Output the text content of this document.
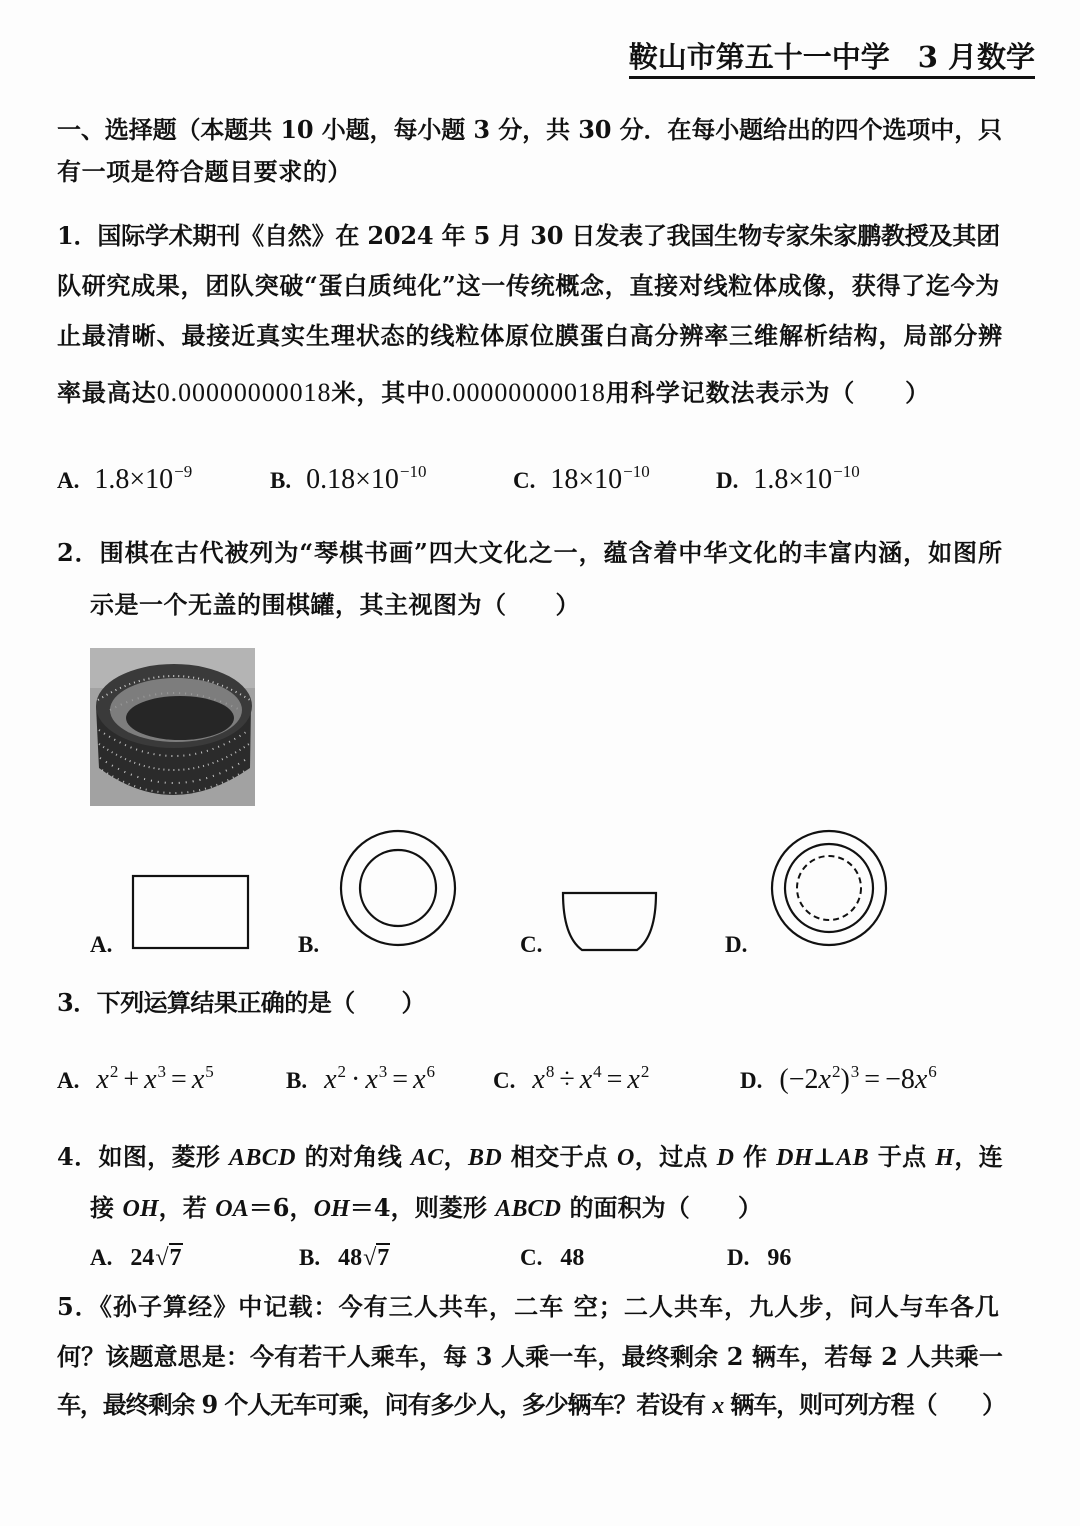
鞍山市第五十一中学 3 月数学
一、选择题（本题共 10 小题，每小题 3 分，共 30 分．在每小题给出的四个选项中，只
有一项是符合题目要求的）
1．国际学术期刊《自然》在 2024 年 5 月 30 日发表了我国生物专家朱家鹏教授及其团
队研究成果，团队突破“蛋白质纯化”这一传统概念，直接对线粒体成像，获得了迄今为
止最清晰、最接近真实生理状态的线粒体原位膜蛋白高分辨率三维解析结构，局部分辨
率最高达0.00000000018米，其中0.00000000018用科学记数法表示为（　　）
A. $1.8\times 10^{-9}$	B. $0.18\times 10^{-10}$	C. $18\times 10^{-10}$	D. $1.8\times 10^{-10}$
2．围棋在古代被列为“琴棋书画”四大文化之一，蕴含着中华文化的丰富内涵，如图所
示是一个无盖的围棋罐，其主视图为（　　）
A.	B.	C.	D.
3．下列运算结果正确的是（　　）
A. $x^2 + x^3 = x^5$	B. $x^2 \cdot x^3 = x^6$	C. $x^8 \div x^4 = x^2$	D. $(-2x^2)^3 = -8x^6$
4．如图，菱形 ABCD 的对角线 AC，BD 相交于点 O，过点 D 作 DH⊥AB 于点 H，连
接 OH，若 OA＝6，OH＝4，则菱形 ABCD 的面积为（　　）
A. 24√7	B. 48√7	C. 48	D. 96
5．《孙子算经》中记载：今有三人共车，二车 空；二人共车，九人步，问人与车各几
何？该题意思是：今有若干人乘车，每 3 人乘一车，最终剩余 2 辆车，若每 2 人共乘一
车，最终剩余 9 个人无车可乘，问有多少人，多少辆车？若设有 x 辆车，则可列方程（　　）
